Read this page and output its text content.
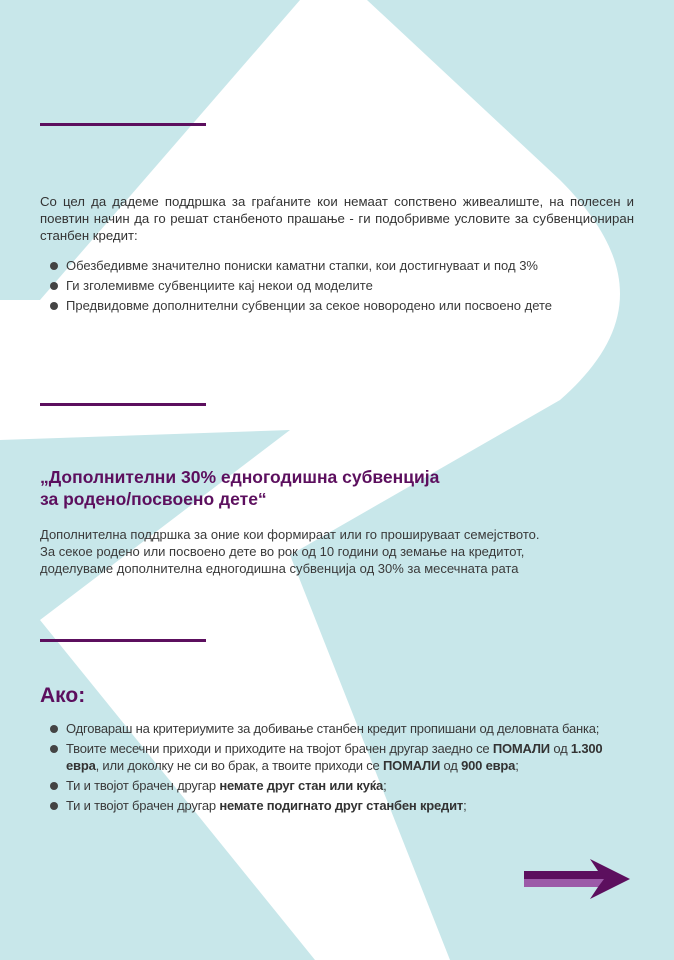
Со цел да дадеме поддршка за граѓаните кои немаат сопствено живеалиште, на полесен и поевтин начин да го решат станбеното прашање - ги подобривме условите за субвенциониран станбен кредит:
Обезбедивме значително пониски каматни стапки, кои достигнуваат и под 3%
Ги зголемивме субвенциите кај некои од моделите
Предвидовме дополнителни субвенции за секое новородено или посвоено дете
„Дополнителни 30% едногодишна субвенција
за родено/посвоено дете“
Дополнителна поддршка за оние кои формираат или го прошируваат семејството.
За секое родено или посвоено дете во рок од 10 години од земање на кредитот,
доделуваме дополнителна едногодишна субвенција од 30% за месечната рата
Ако:
Одговараш на критериумите за добивање станбен кредит пропишани од деловната банка;
Твоите месечни приходи и приходите на твојот брачен другар заедно се ПОМАЛИ од 1.300 евра, или доколку не си во брак, а твоите приходи се ПОМАЛИ од 900 евра;
Ти и твојот брачен другар немате друг стан или куќа;
Ти и твојот брачен другар немате подигнато друг станбен кредит;
